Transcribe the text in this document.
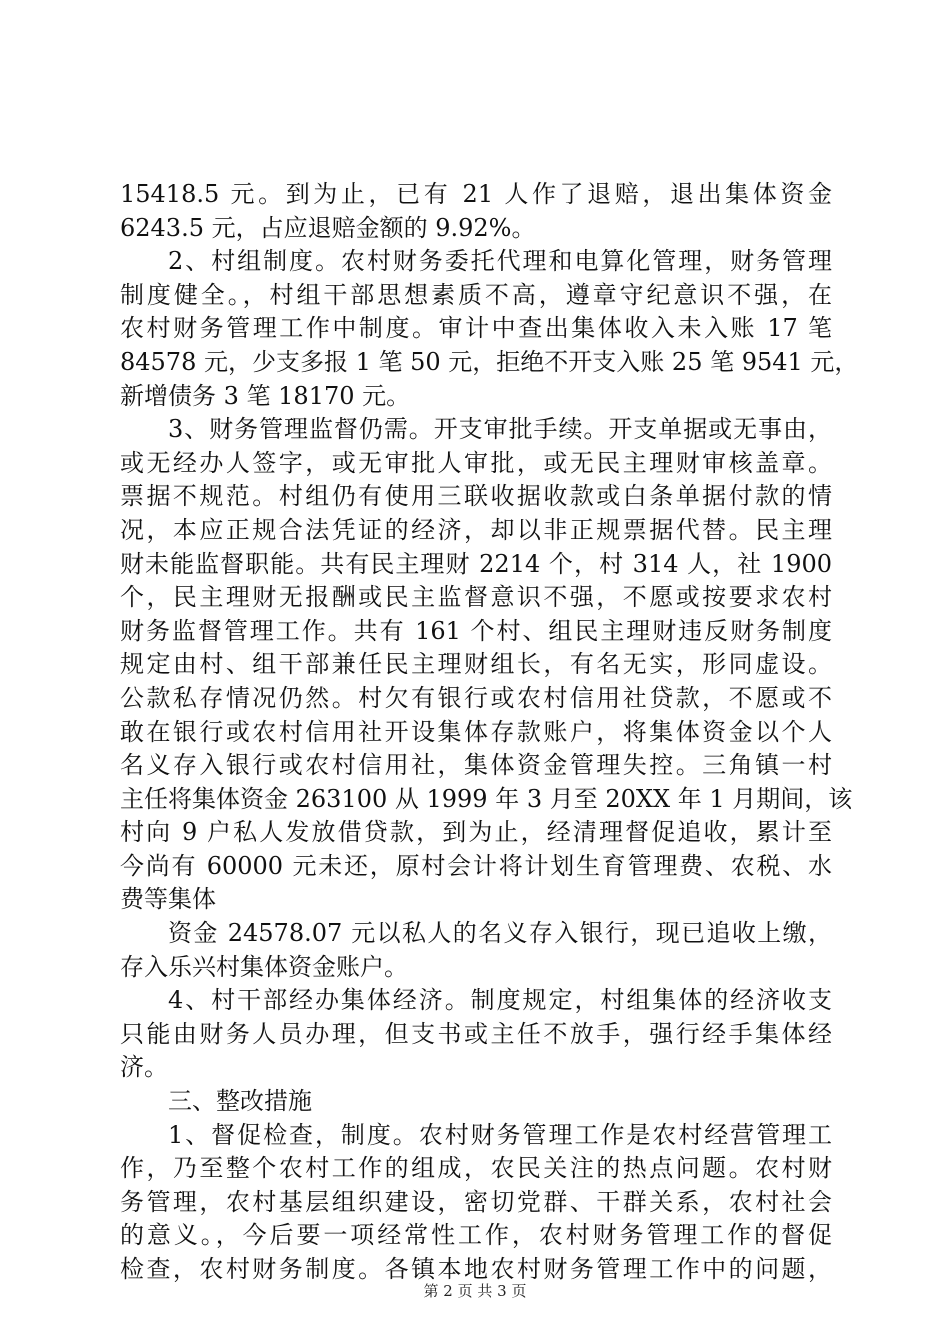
15418.5 元。到为止，已有 21 人作了退赔，退出集体资金
6243.5 元，占应退赔金额的 9.92%。
2、村组制度。农村财务委托代理和电算化管理，财务管理
制度健全。，村组干部思想素质不高，遵章守纪意识不强，在
农村财务管理工作中制度。审计中查出集体收入未入账 17 笔
84578 元，少支多报 1 笔 50 元，拒绝不开支入账 25 笔 9541 元，
新增债务 3 笔 18170 元。
3、财务管理监督仍需。开支审批手续。开支单据或无事由，
或无经办人签字，或无审批人审批，或无民主理财审核盖章。
票据不规范。村组仍有使用三联收据收款或白条单据付款的情
况，本应正规合法凭证的经济，却以非正规票据代替。民主理
财未能监督职能。共有民主理财 2214 个，村 314 人，社 1900
个，民主理财无报酬或民主监督意识不强，不愿或按要求农村
财务监督管理工作。共有 161 个村、组民主理财违反财务制度
规定由村、组干部兼任民主理财组长，有名无实，形同虚设。
公款私存情况仍然。村欠有银行或农村信用社贷款，不愿或不
敢在银行或农村信用社开设集体存款账户，将集体资金以个人
名义存入银行或农村信用社，集体资金管理失控。三角镇一村
主任将集体资金 263100 从 1999 年 3 月至 20XX 年 1 月期间，该
村向 9 户私人发放借贷款，到为止，经清理督促追收，累计至
今尚有 60000 元未还，原村会计将计划生育管理费、农税、水
费等集体
资金 24578.07 元以私人的名义存入银行，现已追收上缴，
存入乐兴村集体资金账户。
4、村干部经办集体经济。制度规定，村组集体的经济收支
只能由财务人员办理，但支书或主任不放手，强行经手集体经
济。
三、整改措施
1、督促检查，制度。农村财务管理工作是农村经营管理工
作，乃至整个农村工作的组成，农民关注的热点问题。农村财
务管理，农村基层组织建设，密切党群、干群关系，农村社会
的意义。，今后要一项经常性工作，农村财务管理工作的督促
检查，农村财务制度。各镇本地农村财务管理工作中的问题，
第 2 页 共 3 页
